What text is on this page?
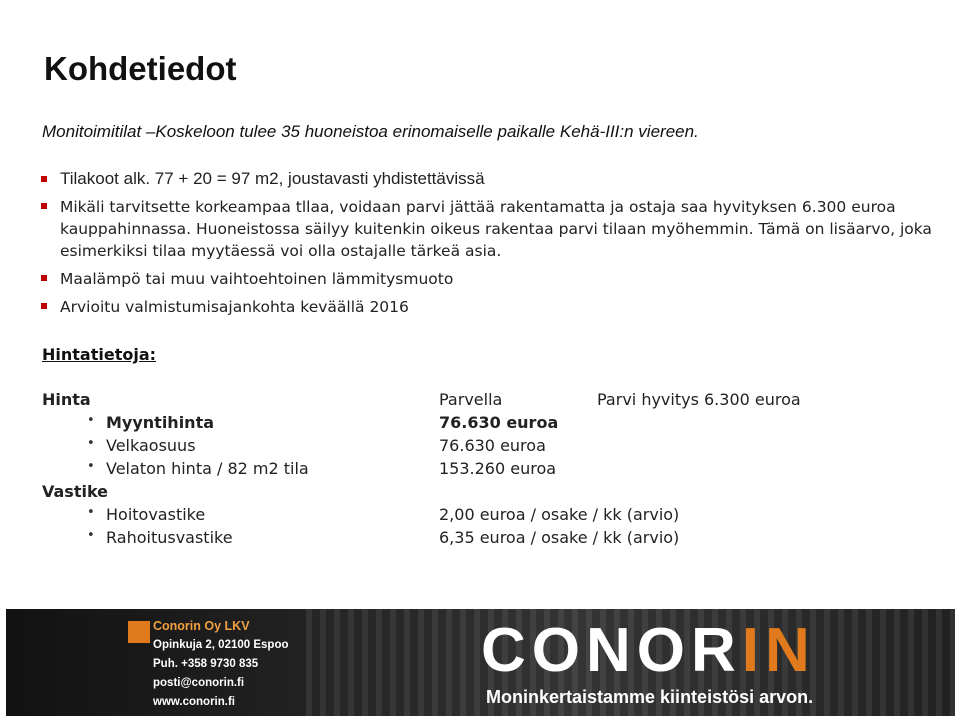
Kohdetiedot

Monitoimitilat –Koskeloon tulee 35 huoneistoa erinomaiselle paikalle Kehä-III:n viereen.

Tilakoot alk. 77 + 20 = 97 m2, joustavasti yhdistettävissä
Mikäli tarvitsette korkeampaa tllaa, voidaan parvi jättää rakentamatta ja ostaja saa hyvityksen 6.300 euroa kauppahinnassa. Huoneistossa säilyy kuitenkin oikeus rakentaa parvi tilaan myöhemmin. Tämä on lisäarvo, joka esimerkiksi tilaa myytäessä voi olla ostajalle tärkeä asia.
Maalämpö tai muu vaihtoehtoinen lämmitysmuoto
Arvioitu valmistumisajankohta keväällä 2016
Hintatietoja:
Hinta	Parvella	Parvi hyvitys 6.300 euroa
• Myyntihinta	76.630 euroa
• Velkaosuus	76.630 euroa
• Velaton hinta / 82 m2 tila	153.260 euroa
Vastike
• Hoitovastike	2,00 euroa / osake / kk (arvio)
• Rahoitusvastike	6,35 euroa / osake / kk (arvio)
Conorin Oy LKV
Opinkuja 2, 02100 Espoo
Puh. +358 9730 835
posti@conorin.fi
www.conorin.fi
CONORIN
Moninkertaistamme kiinteistösi arvon.
